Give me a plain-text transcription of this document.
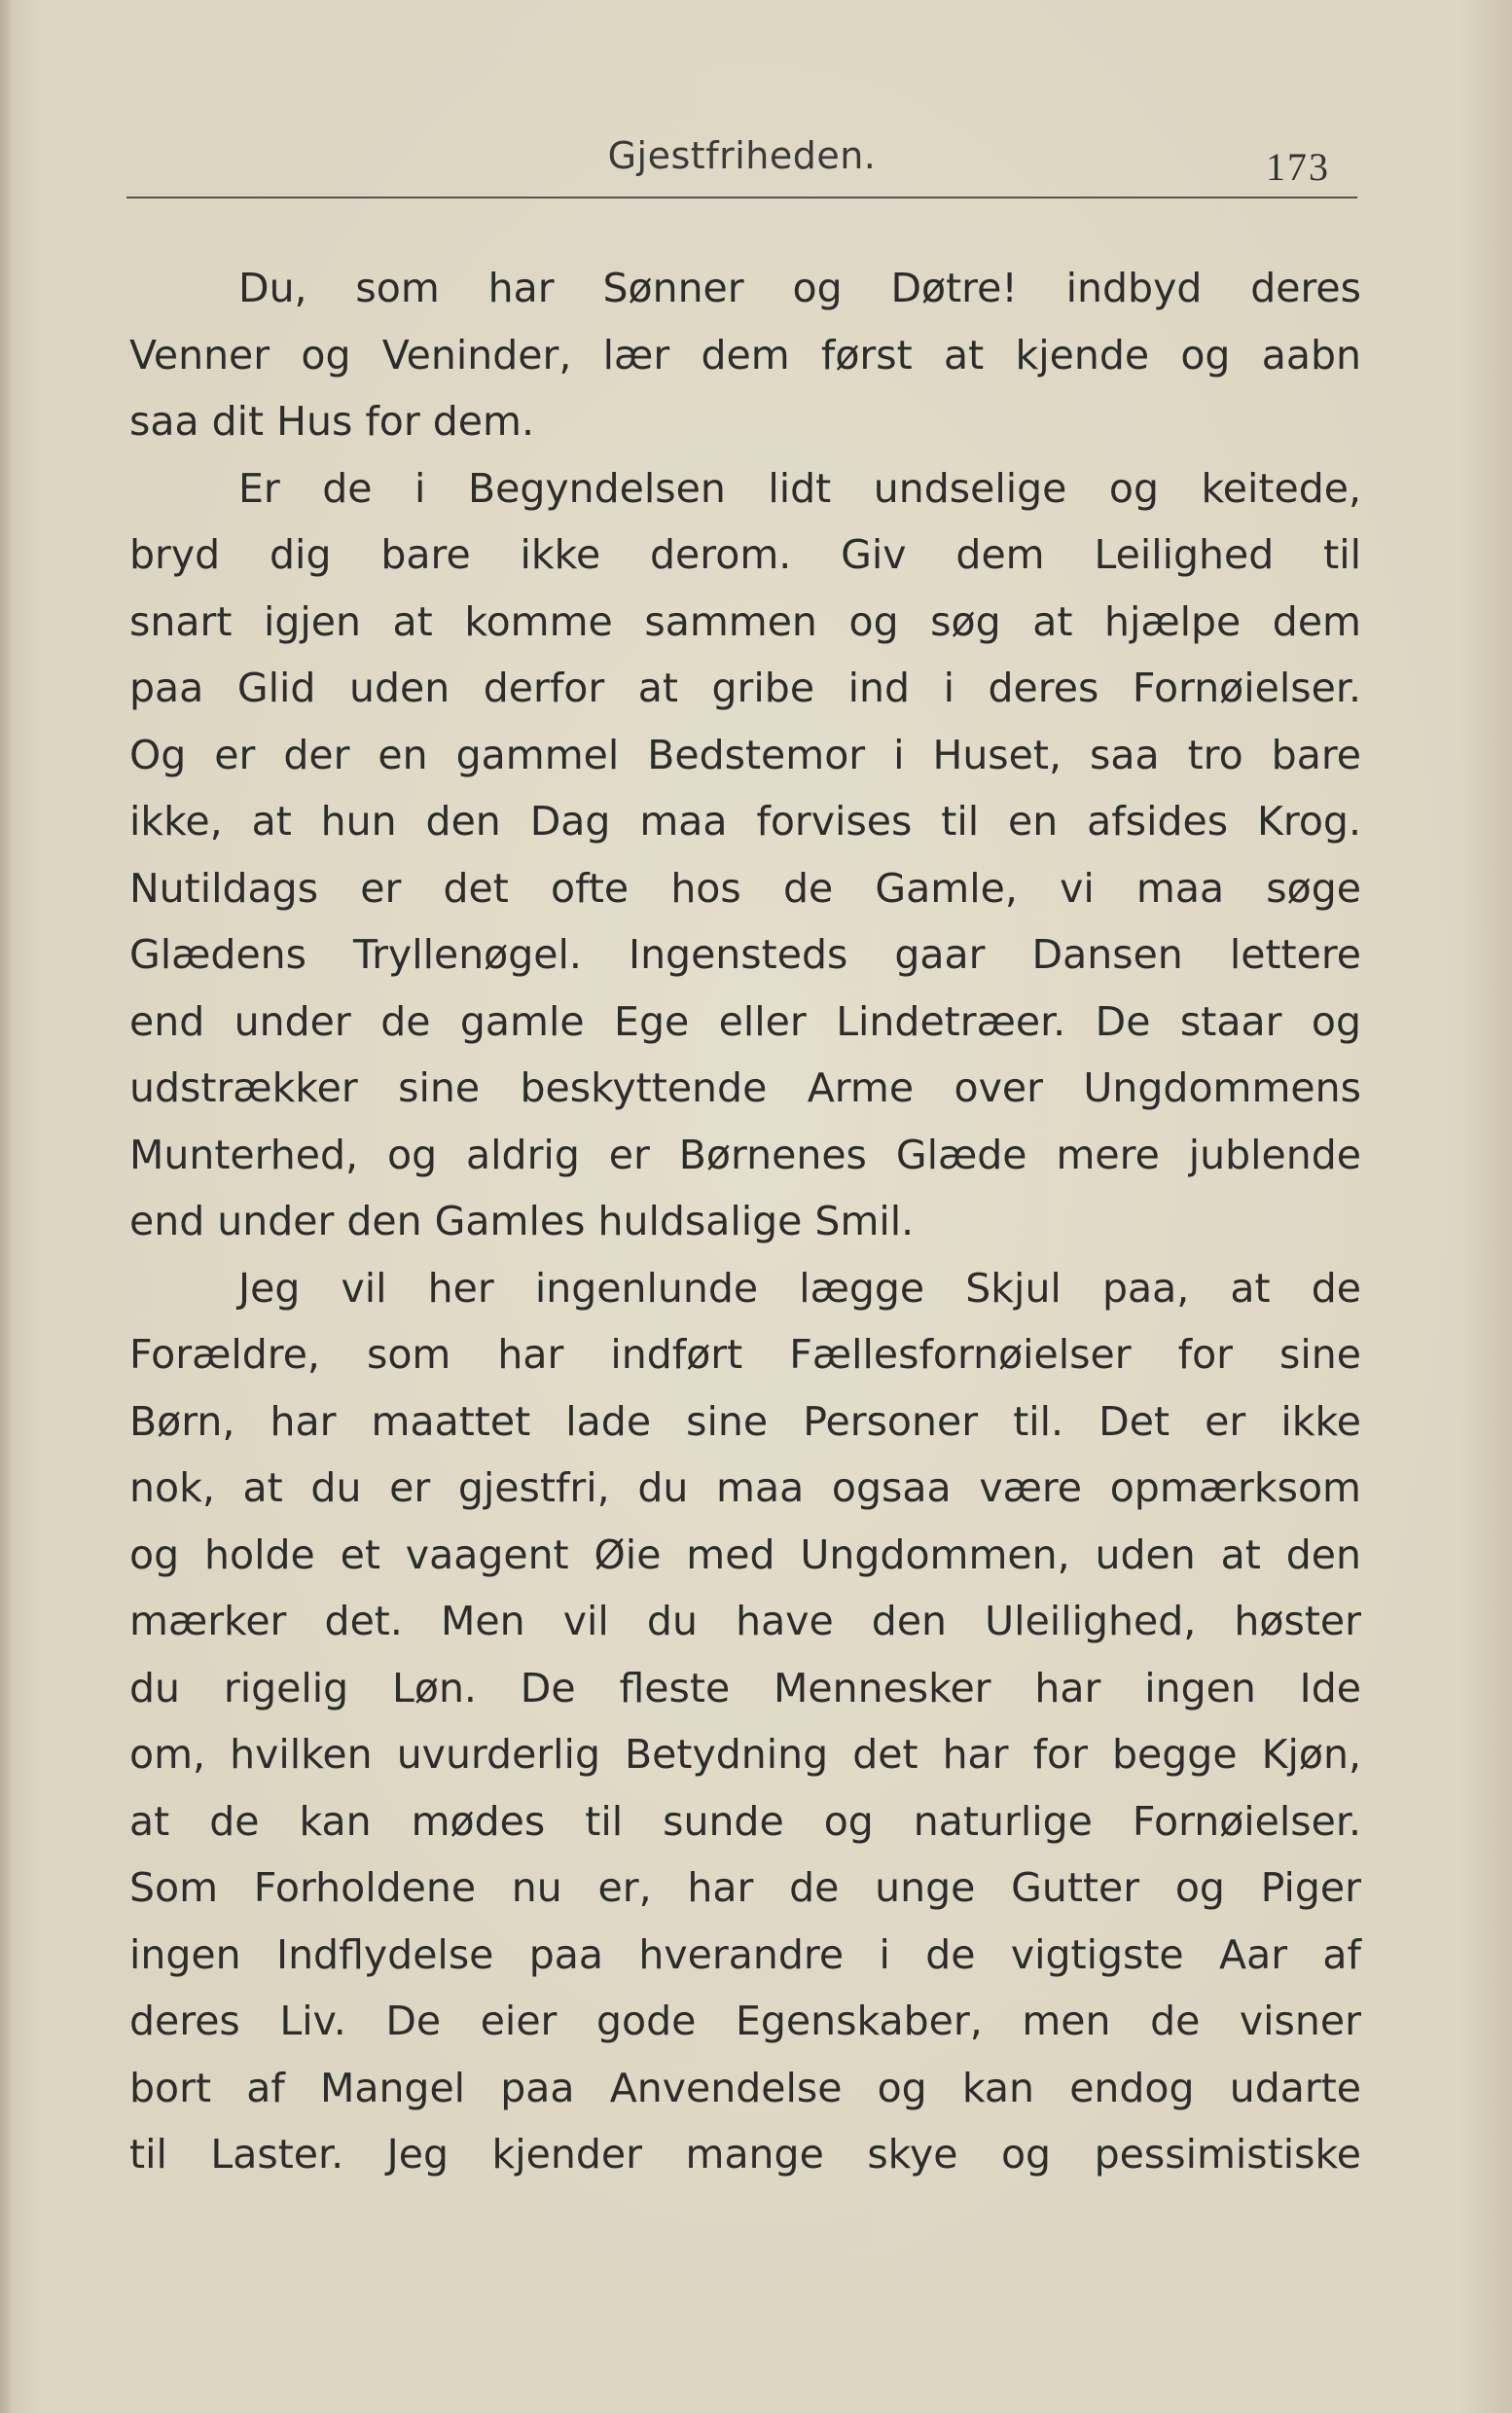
Gjestfriheden.	173
Du, som har Sønner og Døtre! indbyd deres
Venner og Veninder, lær dem først at kjende og aabn
saa dit Hus for dem.
Er de i Begyndelsen lidt undselige og keitede,
bryd dig bare ikke derom. Giv dem Leilighed til
snart igjen at komme sammen og søg at hjælpe dem
paa Glid uden derfor at gribe ind i deres Fornøielser.
Og er der en gammel Bedstemor i Huset, saa tro bare
ikke, at hun den Dag maa forvises til en afsides Krog.
Nutildags er det ofte hos de Gamle, vi maa søge
Glædens Tryllenøgel. Ingensteds gaar Dansen lettere
end under de gamle Ege eller Lindetræer. De staar og
udstrækker sine beskyttende Arme over Ungdommens
Munterhed, og aldrig er Børnenes Glæde mere jublende
end under den Gamles huldsalige Smil.
Jeg vil her ingenlunde lægge Skjul paa, at de
Forældre, som har indført Fællesfornøielser for sine
Børn, har maattet lade sine Personer til. Det er ikke
nok, at du er gjestfri, du maa ogsaa være opmærksom
og holde et vaagent Øie med Ungdommen, uden at den
mærker det. Men vil du have den Uleilighed, høster
du rigelig Løn. De fleste Mennesker har ingen Ide
om, hvilken uvurderlig Betydning det har for begge Kjøn,
at de kan mødes til sunde og naturlige Fornøielser.
Som Forholdene nu er, har de unge Gutter og Piger
ingen Indflydelse paa hverandre i de vigtigste Aar af
deres Liv. De eier gode Egenskaber, men de visner
bort af Mangel paa Anvendelse og kan endog udarte
til Laster. Jeg kjender mange skye og pessimistiske
